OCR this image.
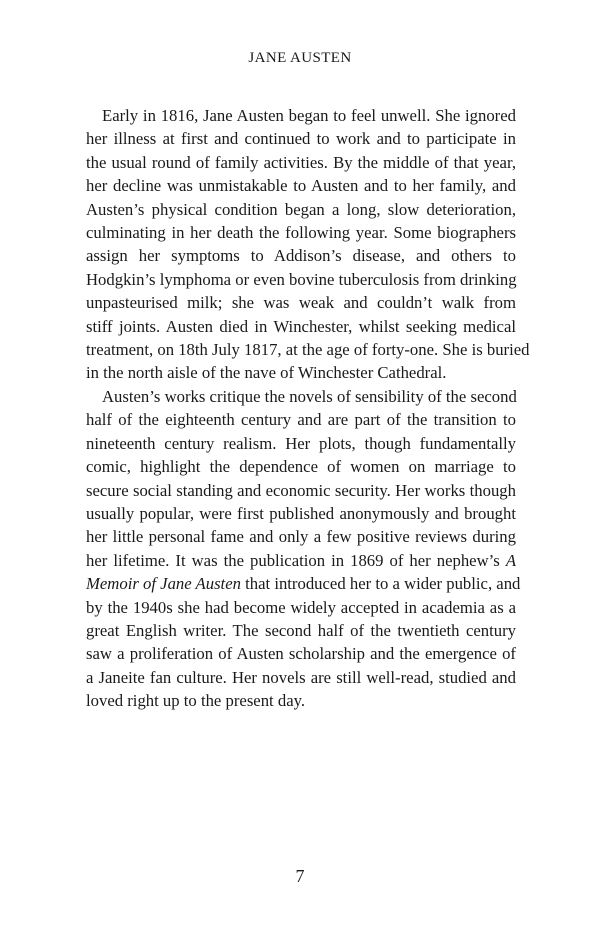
JANE AUSTEN

Early in 1816, Jane Austen began to feel unwell. She ignored
her illness at first and continued to work and to participate in
the usual round of family activities. By the middle of that year,
her decline was unmistakable to Austen and to her family, and
Austen’s physical condition began a long, slow deterioration,
culminating in her death the following year. Some biographers
assign her symptoms to Addison’s disease, and others to
Hodgkin’s lymphoma or even bovine tuberculosis from drinking
unpasteurised milk; she was weak and couldn’t walk from
stiff joints. Austen died in Winchester, whilst seeking medical
treatment, on 18th July 1817, at the age of forty-one. She is buried
in the north aisle of the nave of Winchester Cathedral.

Austen’s works critique the novels of sensibility of the second
half of the eighteenth century and are part of the transition to
nineteenth century realism. Her plots, though fundamentally
comic, highlight the dependence of women on marriage to
secure social standing and economic security. Her works though
usually popular, were first published anonymously and brought
her little personal fame and only a few positive reviews during
her lifetime. It was the publication in 1869 of her nephew’s A
Memoir of Jane Austen that introduced her to a wider public, and
by the 1940s she had become widely accepted in academia as a
great English writer. The second half of the twentieth century
saw a proliferation of Austen scholarship and the emergence of
a Janeite fan culture. Her novels are still well-read, studied and
loved right up to the present day.

7
